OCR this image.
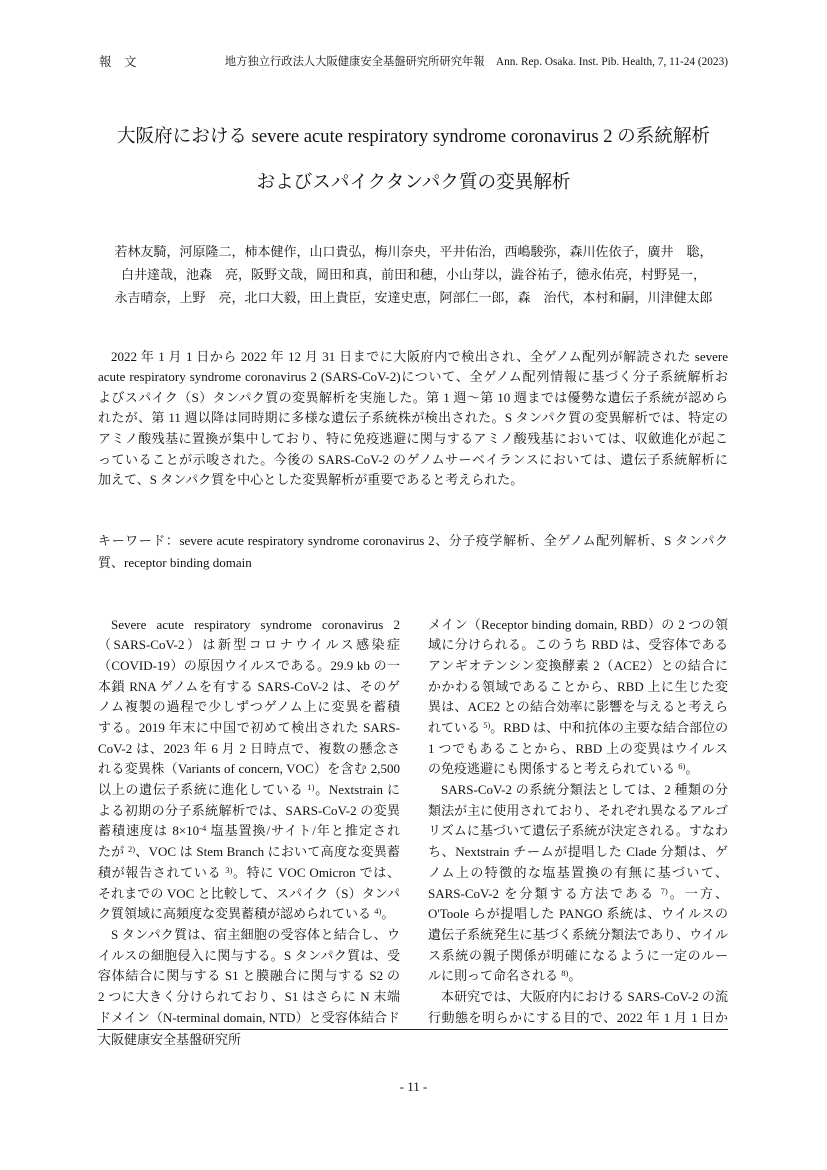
報　文	地方独立行政法人大阪健康安全基盤研究所研究年報　Ann. Rep. Osaka. Inst. Pib. Health, 7, 11-24 (2023)
大阪府における severe acute respiratory syndrome coronavirus 2 の系統解析
およびスパイクタンパク質の変異解析
若林友騎，河原隆二，柿本健作，山口貴弘，梅川奈央，平井佑治，西嶋駿弥，森川佐依子，廣井　聡，
白井達哉，池森　亮，阪野文哉，岡田和真，前田和穂，小山芽以，澁谷祐子，徳永佑亮，村野晃一，
永吉晴奈，上野　亮，北口大毅，田上貴臣，安達史恵，阿部仁一郎，森　治代，本村和嗣，川津健太郎
2022 年 1 月 1 日から 2022 年 12 月 31 日までに大阪府内で検出され、全ゲノム配列が解読された severe
acute respiratory syndrome coronavirus 2 (SARS-CoV-2)について、全ゲノム配列情報に基づく分子系統解析お
よびスパイク（S）タンパク質の変異解析を実施した。第 1 週～第 10 週までは優勢な遺伝子系統が認めら
れたが、第 11 週以降は同時期に多様な遺伝子系統株が検出された。S タンパク質の変異解析では、特定の
アミノ酸残基に置換が集中しており、特に免疫逃避に関与するアミノ酸残基においては、収斂進化が起こ
っていることが示唆された。今後の SARS-CoV-2 のゲノムサーベイランスにおいては、遺伝子系統解析に
加えて、S タンパク質を中心とした変異解析が重要であると考えられた。
キーワード：severe acute respiratory syndrome coronavirus 2、分子疫学解析、全ゲノム配列解析、S タンパク
質、receptor binding domain
Severe acute respiratory syndrome coronavirus 2
（SARS-CoV-2）は新型コロナウイルス感染症
（COVID-19）の原因ウイルスである。29.9 kb の一
本鎖 RNA ゲノムを有する SARS-CoV-2 は、そのゲ
ノム複製の過程で少しずつゲノム上に変異を蓄積
する。2019 年末に中国で初めて検出された SARS-
CoV-2 は、2023 年 6 月 2 日時点で、複数の懸念さ
れる変異株（Variants of concern, VOC）を含む 2,500
以上の遺伝子系統に進化している $^{1)}$。Nextstrain に
よる初期の分子系統解析では、SARS-CoV-2 の変異
蓄積速度は $8\times 10^{-4}$ 塩基置換/サイト/年と推定され
たが $^{2)}$、VOC は Stem Branch において高度な変異蓄
積が報告されている $^{3)}$。特に VOC Omicron では、
それまでの VOC と比較して、スパイク（S）タンパ
ク質領域に高頻度な変異蓄積が認められている $^{4)}$。
S タンパク質は、宿主細胞の受容体と結合し、ウ
イルスの細胞侵入に関与する。S タンパク質は、受
容体結合に関与する S1 と膜融合に関与する S2 の
2 つに大きく分けられており、S1 はさらに N 末端
ドメイン（N-terminal domain, NTD）と受容体結合ド
メイン（Receptor binding domain, RBD）の 2 つの領
域に分けられる。このうち RBD は、受容体である
アンギオテンシン変換酵素 2（ACE2）との結合に
かかわる領域であることから、RBD 上に生じた変
異は、ACE2 との結合効率に影響を与えると考えら
れている $^{5)}$。RBD は、中和抗体の主要な結合部位の
1 つでもあることから、RBD 上の変異はウイルス
の免疫逃避にも関係すると考えられている $^{6)}$。
SARS-CoV-2 の系統分類法としては、2 種類の分
類法が主に使用されており、それぞれ異なるアルゴ
リズムに基づいて遺伝子系統が決定される。すなわ
ち、Nextstrain チームが提唱した Clade 分類は、ゲ
ノム上の特徴的な塩基置換の有無に基づいて、
SARS-CoV-2 を分類する方法である $^{7)}$。一方、
O'Toole らが提唱した PANGO 系統は、ウイルスの
遺伝子系統発生に基づく系統分類法であり、ウイル
ス系統の親子関係が明確になるように一定のルー
ルに則って命名される $^{8)}$。
本研究では、大阪府内における SARS-CoV-2 の流
行動態を明らかにする目的で、2022 年 1 月 1 日か
大阪健康安全基盤研究所
- 11 -
